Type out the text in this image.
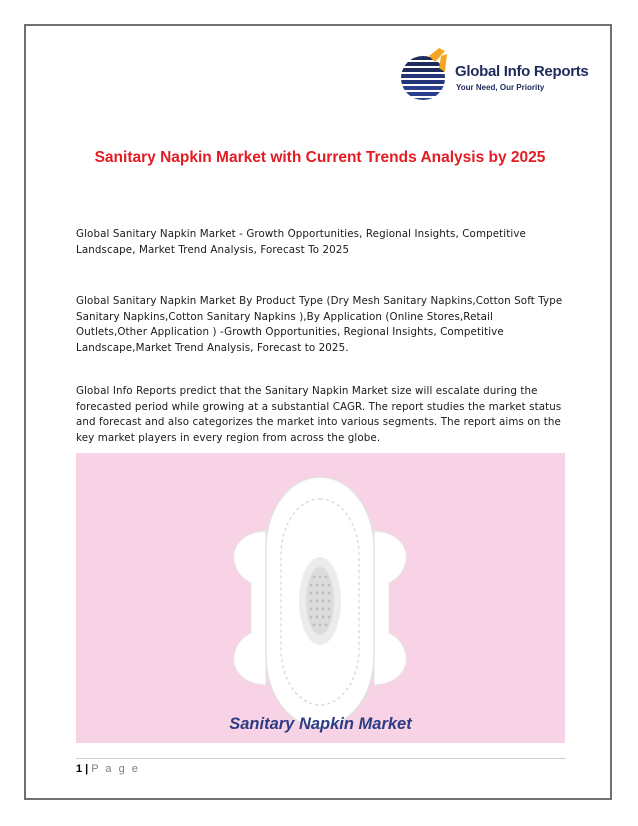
Global Info Reports
Your Need, Our Priority
Sanitary Napkin Market with Current Trends Analysis by 2025
Global Sanitary Napkin Market - Growth Opportunities, Regional Insights, Competitive Landscape, Market Trend Analysis, Forecast To 2025
Global Sanitary Napkin Market By Product Type (Dry Mesh Sanitary Napkins,Cotton Soft Type Sanitary Napkins,Cotton Sanitary Napkins ),By Application (Online Stores,Retail Outlets,Other Application ) -Growth Opportunities, Regional Insights, Competitive Landscape,Market Trend Analysis, Forecast to 2025.
Global Info Reports predict that the Sanitary Napkin Market size will escalate during the forecasted period while growing at a substantial CAGR. The report studies the market status and forecast and also categorizes the market into various segments. The report aims on the key market players in every region from across the globe.
Sanitary Napkin Market
1 | P a g e
